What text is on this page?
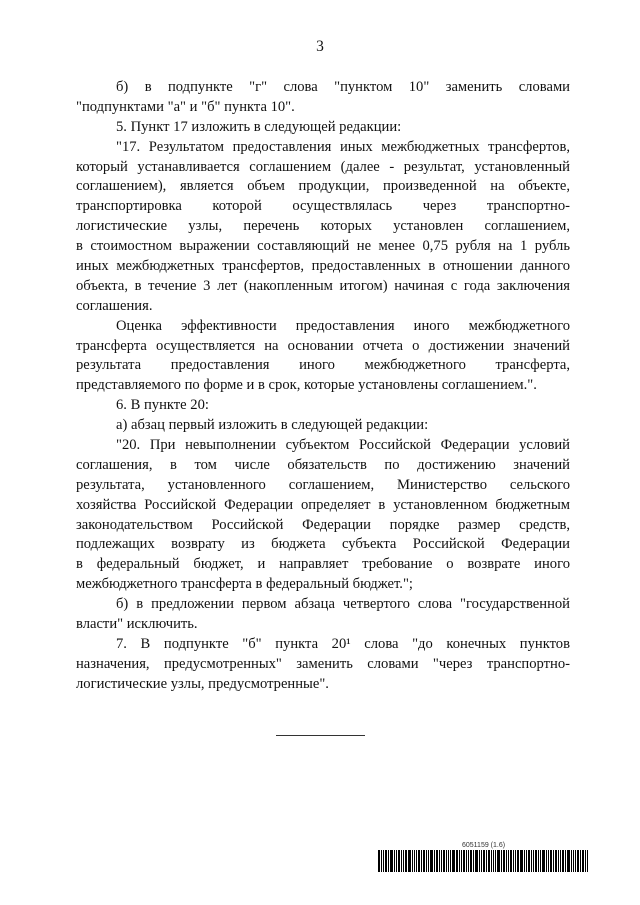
3
б) в подпункте "г" слова "пунктом 10" заменить словами
"подпунктами "а" и "б" пункта 10".
5. Пункт 17 изложить в следующей редакции:
"17. Результатом предоставления иных межбюджетных трансфертов,
который устанавливается соглашением (далее - результат, установленный
соглашением), является объем продукции, произведенной на объекте,
транспортировка которой осуществлялась через транспортно-
логистические узлы, перечень которых установлен соглашением,
в стоимостном выражении составляющий не менее 0,75 рубля на 1 рубль
иных межбюджетных трансфертов, предоставленных в отношении данного
объекта, в течение 3 лет (накопленным итогом) начиная с года заключения
соглашения.
Оценка эффективности предоставления иного межбюджетного
трансферта осуществляется на основании отчета о достижении значений
результата предоставления иного межбюджетного трансферта,
представляемого по форме и в срок, которые установлены соглашением.".
6. В пункте 20:
а) абзац первый изложить в следующей редакции:
"20. При невыполнении субъектом Российской Федерации условий
соглашения, в том числе обязательств по достижению значений
результата, установленного соглашением, Министерство сельского
хозяйства Российской Федерации определяет в установленном бюджетным
законодательством Российской Федерации порядке размер средств,
подлежащих возврату из бюджета субъекта Российской Федерации
в федеральный бюджет, и направляет требование о возврате иного
межбюджетного трансферта в федеральный бюджет.";
б) в предложении первом абзаца четвертого слова "государственной
власти" исключить.
7. В подпункте "б" пункта 20¹ слова "до конечных пунктов
назначения, предусмотренных" заменить словами "через транспортно-
логистические узлы, предусмотренные".
6051159 (1.6)
